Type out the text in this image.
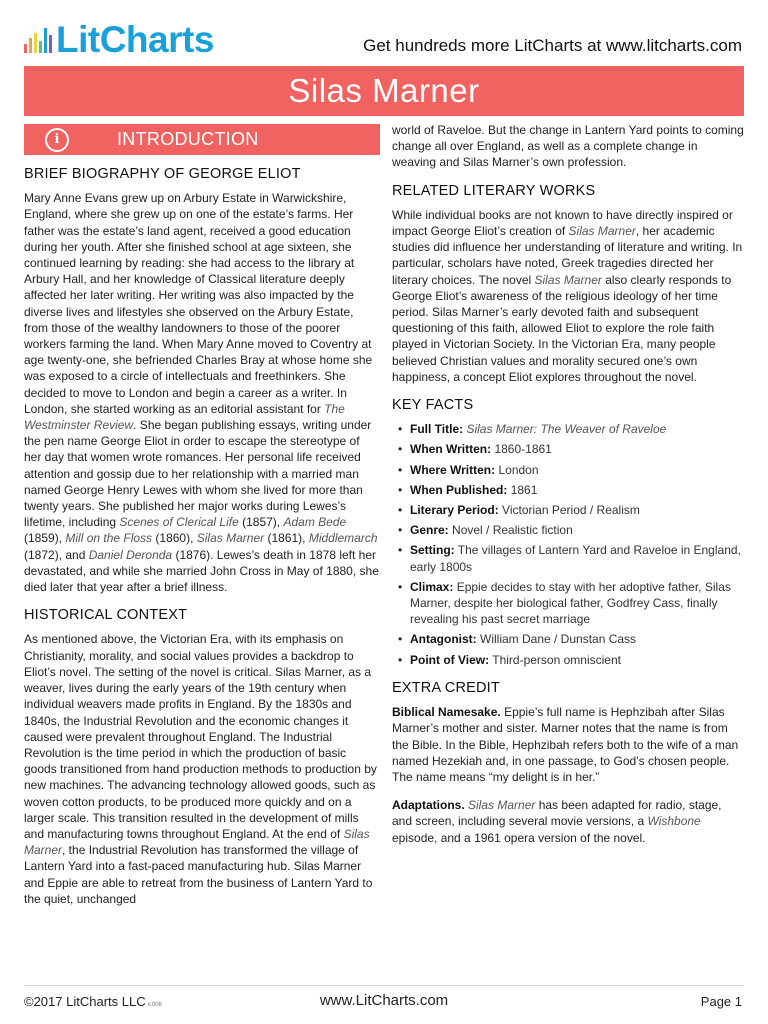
LitCharts	Get hundreds more LitCharts at www.litcharts.com
Silas Marner
i	INTRODUCTION
BRIEF BIOGRAPHY OF GEORGE ELIOT

Mary Anne Evans grew up on Arbury Estate in Warwickshire, England, where she grew up on one of the estate’s farms. Her father was the estate’s land agent, received a good education during her youth. After she finished school at age sixteen, she continued learning by reading: she had access to the library at Arbury Hall, and her knowledge of Classical literature deeply affected her later writing. Her writing was also impacted by the diverse lives and lifestyles she observed on the Arbury Estate, from those of the wealthy landowners to those of the poorer workers farming the land. When Mary Anne moved to Coventry at age twenty-one, she befriended Charles Bray at whose home she was exposed to a circle of intellectuals and freethinkers. She decided to move to London and begin a career as a writer. In London, she started working as an editorial assistant for The Westminster Review. She began publishing essays, writing under the pen name George Eliot in order to escape the stereotype of her day that women wrote romances. Her personal life received attention and gossip due to her relationship with a married man named George Henry Lewes with whom she lived for more than twenty years. She published her major works during Lewes’s lifetime, including Scenes of Clerical Life (1857), Adam Bede (1859), Mill on the Floss (1860), Silas Marner (1861), Middlemarch (1872), and Daniel Deronda (1876). Lewes’s death in 1878 left her devastated, and while she married John Cross in May of 1880, she died later that year after a brief illness.

HISTORICAL CONTEXT

As mentioned above, the Victorian Era, with its emphasis on Christianity, morality, and social values provides a backdrop to Eliot’s novel. The setting of the novel is critical. Silas Marner, as a weaver, lives during the early years of the 19th century when individual weavers made profits in England. By the 1830s and 1840s, the Industrial Revolution and the economic changes it caused were prevalent throughout England. The Industrial Revolution is the time period in which the production of basic goods transitioned from hand production methods to production by new machines. The advancing technology allowed goods, such as woven cotton products, to be produced more quickly and on a larger scale. This transition resulted in the development of mills and manufacturing towns throughout England. At the end of Silas Marner, the Industrial Revolution has transformed the village of Lantern Yard into a fast-paced manufacturing hub. Silas Marner and Eppie are able to retreat from the business of Lantern Yard to the quiet, unchanged

world of Raveloe. But the change in Lantern Yard points to coming change all over England, as well as a complete change in weaving and Silas Marner’s own profession.

RELATED LITERARY WORKS

While individual books are not known to have directly inspired or impact George Eliot’s creation of Silas Marner, her academic studies did influence her understanding of literature and writing. In particular, scholars have noted, Greek tragedies directed her literary choices. The novel Silas Marner also clearly responds to George Eliot’s awareness of the religious ideology of her time period. Silas Marner’s early devoted faith and subsequent questioning of this faith, allowed Eliot to explore the role faith played in Victorian Society. In the Victorian Era, many people believed Christian values and morality secured one’s own happiness, a concept Eliot explores throughout the novel.

KEY FACTS
• Full Title: Silas Marner: The Weaver of Raveloe
• When Written: 1860-1861
• Where Written: London
• When Published: 1861
• Literary Period: Victorian Period / Realism
• Genre: Novel / Realistic fiction
• Setting: The villages of Lantern Yard and Raveloe in England, early 1800s
• Climax: Eppie decides to stay with her adoptive father, Silas Marner, despite her biological father, Godfrey Cass, finally revealing his past secret marriage
• Antagonist: William Dane / Dunstan Cass
• Point of View: Third-person omniscient
EXTRA CREDIT

Biblical Namesake. Eppie’s full name is Hephzibah after Silas Marner’s mother and sister. Marner notes that the name is from the Bible. In the Bible, Hephzibah refers both to the wife of a man named Hezekiah and, in one passage, to God’s chosen people. The name means “my delight is in her.”

Adaptations. Silas Marner has been adapted for radio, stage, and screen, including several movie versions, a Wishbone episode, and a 1961 opera version of the novel.

©2017 LitCharts LLC v.006	www.LitCharts.com	Page 1
